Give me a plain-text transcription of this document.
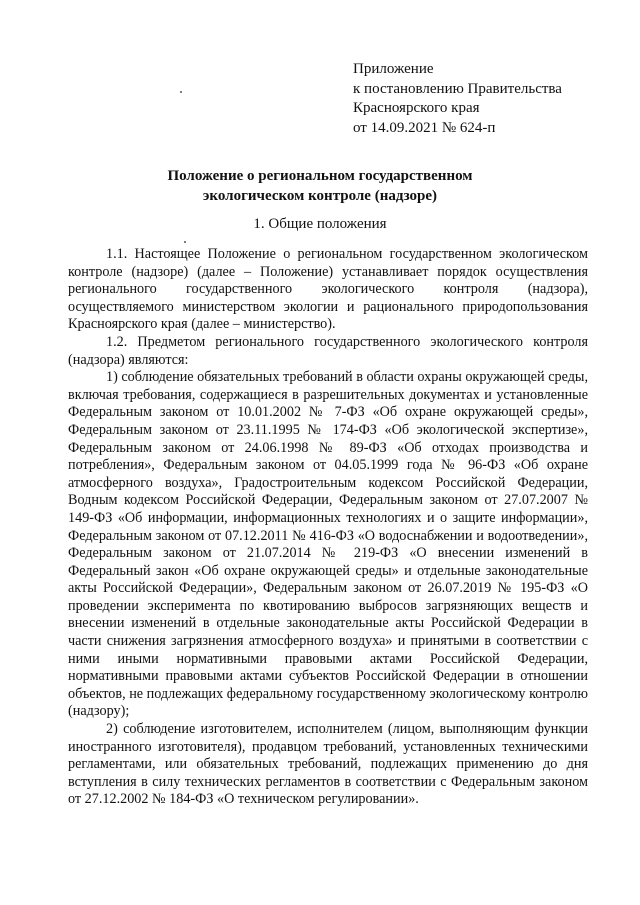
Приложение
к постановлению Правительства
Красноярского края
от 14.09.2021 № 624-п
Положение о региональном государственном
экологическом контроле (надзоре)
1. Общие положения

1.1. Настоящее Положение о региональном государственном экологическом контроле (надзоре) (далее – Положение) устанавливает порядок осуществления регионального государственного экологического контроля (надзора), осуществляемого министерством экологии и рационального природопользования Красноярского края (далее – министерство).

1.2. Предметом регионального государственного экологического контроля (надзора) являются:

1) соблюдение обязательных требований в области охраны окружающей среды, включая требования, содержащиеся в разрешительных документах и установленные Федеральным законом от 10.01.2002 № 7-ФЗ «Об охране окружающей среды», Федеральным законом от 23.11.1995 № 174-ФЗ «Об экологической экспертизе», Федеральным законом от 24.06.1998 № 89-ФЗ «Об отходах производства и потребления», Федеральным законом от 04.05.1999 года № 96-ФЗ «Об охране атмосферного воздуха», Градостроительным кодексом Российской Федерации, Водным кодексом Российской Федерации, Федеральным законом от 27.07.2007 № 149-ФЗ «Об информации, информационных технологиях и о защите информации», Федеральным законом от 07.12.2011 № 416-ФЗ «О водоснабжении и водоотведении», Федеральным законом от 21.07.2014 № 219-ФЗ «О внесении изменений в Федеральный закон «Об охране окружающей среды» и отдельные законодательные акты Российской Федерации», Федеральным законом от 26.07.2019 № 195-ФЗ «О проведении эксперимента по квотированию выбросов загрязняющих веществ и внесении изменений в отдельные законодательные акты Российской Федерации в части снижения загрязнения атмосферного воздуха» и принятыми в соответствии с ними иными нормативными правовыми актами Российской Федерации, нормативными правовыми актами субъектов Российской Федерации в отношении объектов, не подлежащих федеральному государственному экологическому контролю (надзору);

2) соблюдение изготовителем, исполнителем (лицом, выполняющим функции иностранного изготовителя), продавцом требований, установленных техническими регламентами, или обязательных требований, подлежащих применению до дня вступления в силу технических регламентов в соответствии с Федеральным законом от 27.12.2002 № 184-ФЗ «О техническом регулировании».
